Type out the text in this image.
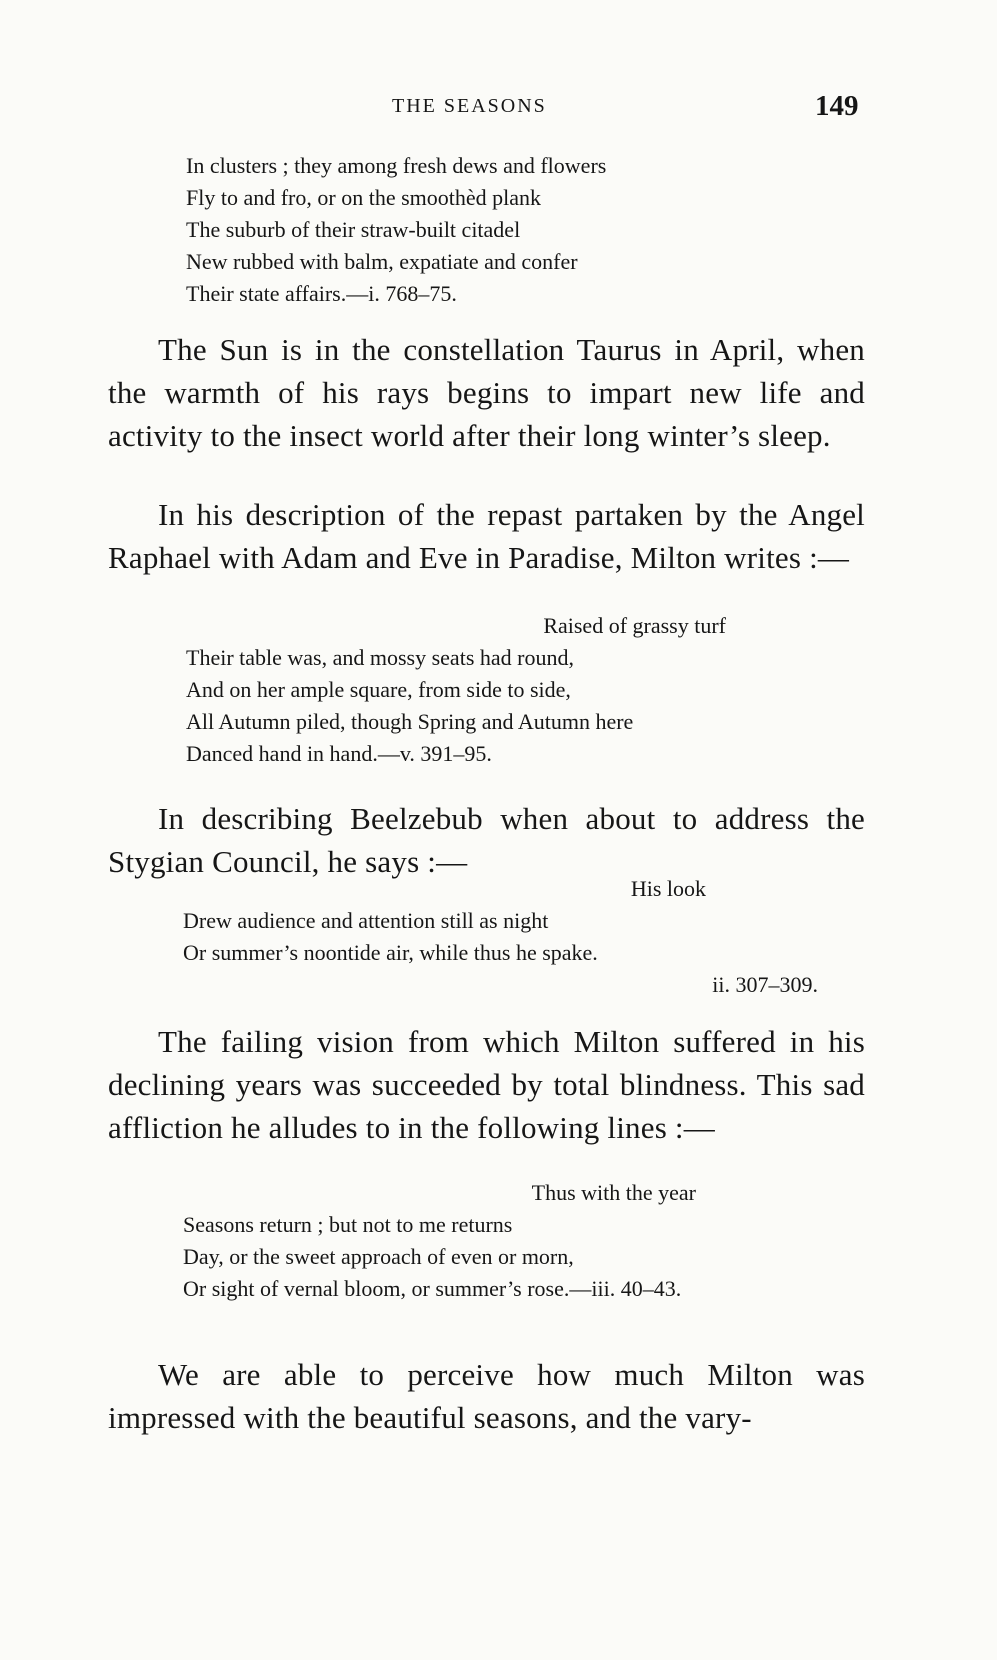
THE SEASONS	149
In clusters ; they among fresh dews and flowers
Fly to and fro, or on the smoothèd plank
The suburb of their straw-built citadel
New rubbed with balm, expatiate and confer
Their state affairs.—i. 768–75.

The Sun is in the constellation Taurus in April, when the warmth of his rays begins to impart new life and activity to the insect world after their long winter’s sleep.

In his description of the repast partaken by the Angel Raphael with Adam and Eve in Paradise, Milton writes :—

Raised of grassy turf
Their table was, and mossy seats had round,
And on her ample square, from side to side,
All Autumn piled, though Spring and Autumn here
Danced hand in hand.—v. 391–95.

In describing Beelzebub when about to address the Stygian Council, he says :—

His look
Drew audience and attention still as night
Or summer’s noontide air, while thus he spake.
ii. 307–309.

The failing vision from which Milton suffered in his declining years was succeeded by total blindness. This sad affliction he alludes to in the following lines :—

Thus with the year
Seasons return ; but not to me returns
Day, or the sweet approach of even or morn,
Or sight of vernal bloom, or summer’s rose.—iii. 40–43.

We are able to perceive how much Milton was impressed with the beautiful seasons, and the vary-
